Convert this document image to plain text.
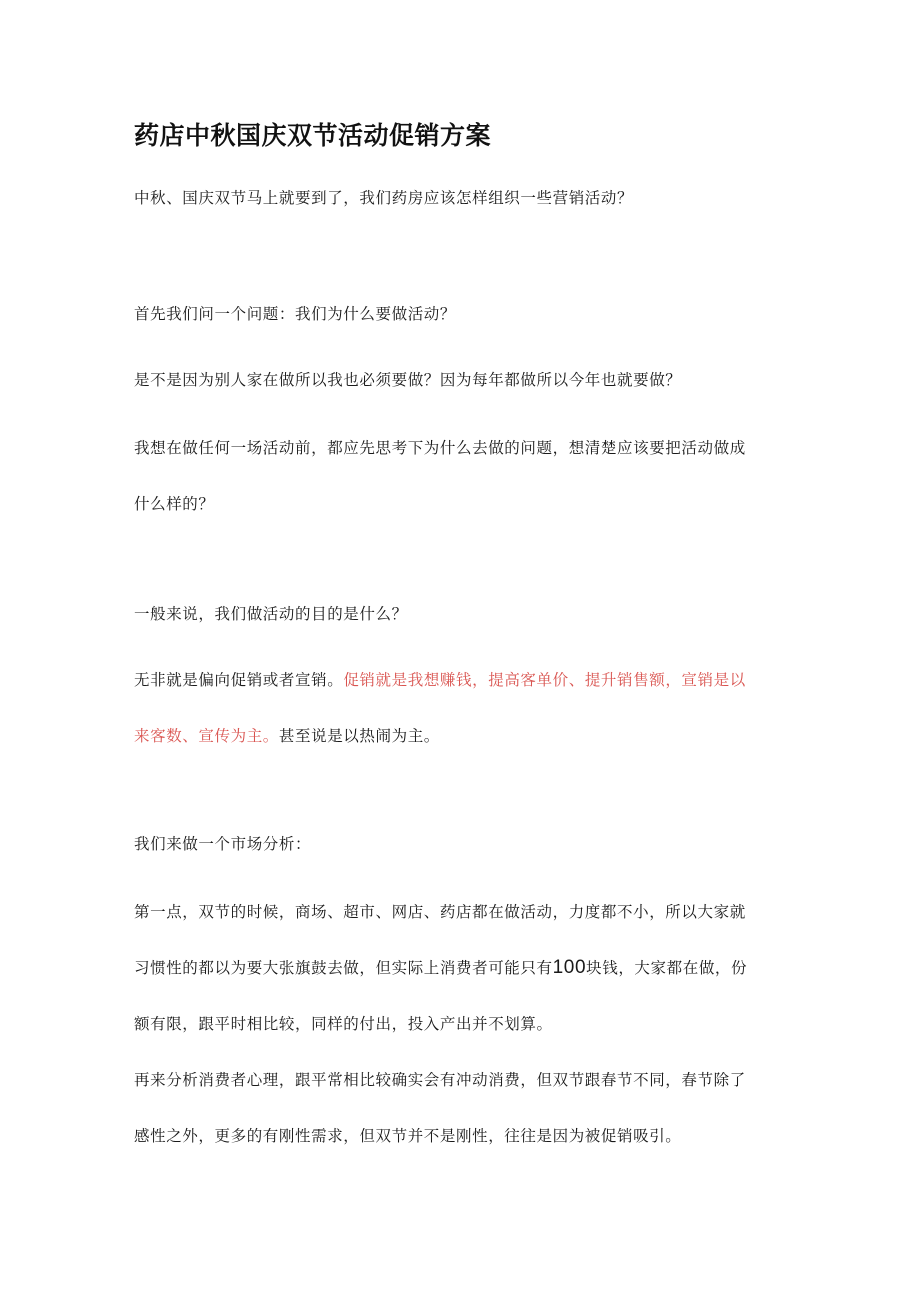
药店中秋国庆双节活动促销方案

中秋、国庆双节马上就要到了，我们药房应该怎样组织一些营销活动？

首先我们问一个问题：我们为什么要做活动？

是不是因为别人家在做所以我也必须要做？因为每年都做所以今年也就要做？

我想在做任何一场活动前，都应先思考下为什么去做的问题，想清楚应该要把活动做成
什么样的？

一般来说，我们做活动的目的是什么？

无非就是偏向促销或者宣销。促销就是我想赚钱，提高客单价、提升销售额，宣销是以
来客数、宣传为主。甚至说是以热闹为主。

我们来做一个市场分析：

第一点，双节的时候，商场、超市、网店、药店都在做活动，力度都不小，所以大家就
习惯性的都以为要大张旗鼓去做，但实际上消费者可能只有100块钱，大家都在做，份
额有限，跟平时相比较，同样的付出，投入产出并不划算。

再来分析消费者心理，跟平常相比较确实会有冲动消费，但双节跟春节不同，春节除了
感性之外，更多的有刚性需求，但双节并不是刚性，往往是因为被促销吸引。
